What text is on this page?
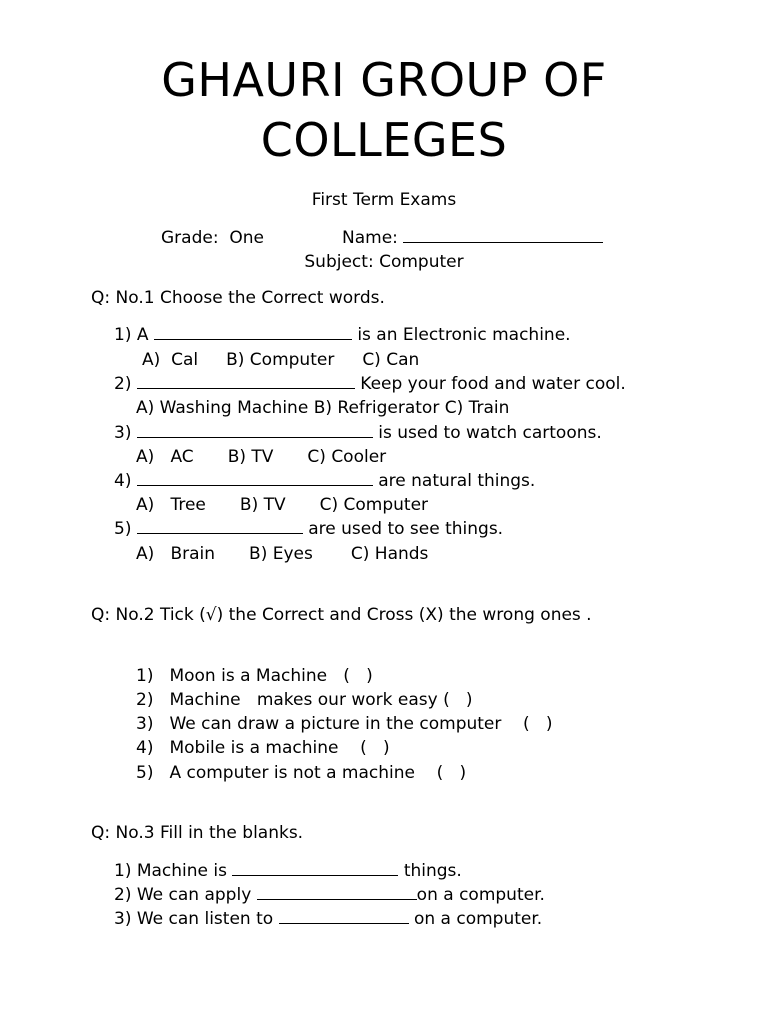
GHAURI GROUP OF
COLLEGES
First Term Exams
Grade: One	Name:
Subject: Computer
Q: No.1 Choose the Correct words.
1) A	is an Electronic machine.
A)  Cal B) Computer C) Can
2)	Keep your food and water cool.
A) Washing Machine B) Refrigerator C) Train
3)	is used to watch cartoons.
A)   AC B) TV C) Cooler
4)	are natural things.
A)   Tree B) TV C) Computer
5)	are used to see things.
A)   Brain B) Eyes C) Hands
Q: No.2 Tick (√) the Correct and Cross (X) the wrong ones .
1) Moon is a Machine   (   )
2) Machine   makes our work easy (   )
3) We can draw a picture in the computer    (   )
4) Mobile is a machine    (   )
5) A computer is not a machine    (   )
Q: No.3 Fill in the blanks.
1) Machine is	things.
2) We can apply	on a computer.
3) We can listen to	on a computer.
